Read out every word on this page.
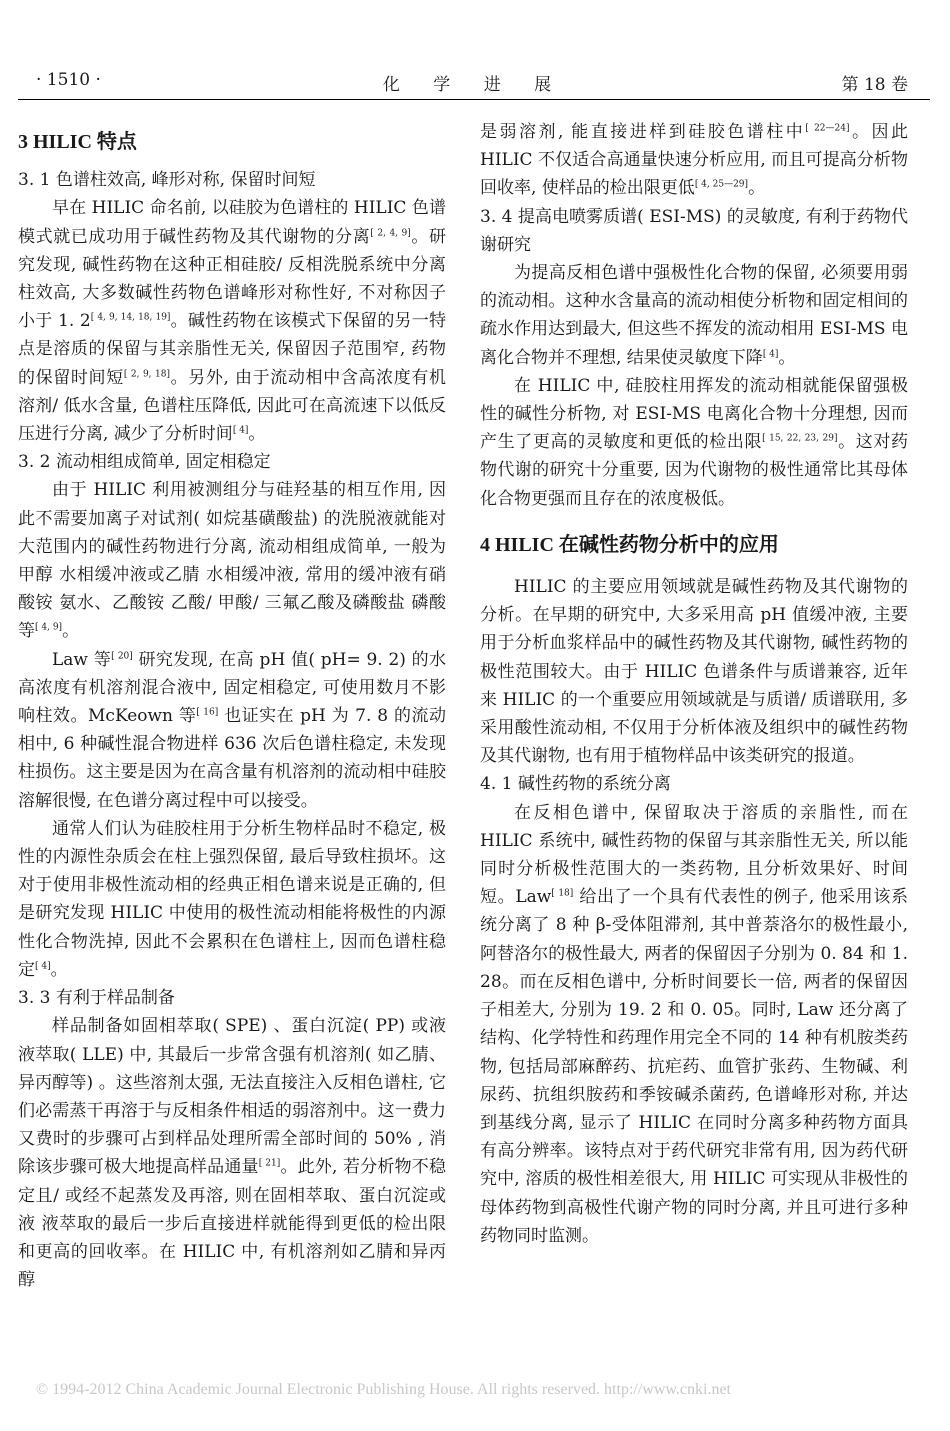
· 1510 ·	化 学 进 展	第 18 卷
3 HILIC 特点

3. 1 色谱柱效高, 峰形对称, 保留时间短

早在 HILIC 命名前, 以硅胶为色谱柱的 HILIC 色谱模式就已成功用于碱性药物及其代谢物的分离[ 2, 4, 9]。研究发现, 碱性药物在这种正相硅胶/ 反相洗脱系统中分离柱效高, 大多数碱性药物色谱峰形对称性好, 不对称因子小于 1. 2[ 4, 9, 14, 18, 19]。碱性药物在该模式下保留的另一特点是溶质的保留与其亲脂性无关, 保留因子范围窄, 药物的保留时间短[ 2, 9, 18]。另外, 由于流动相中含高浓度有机溶剂/ 低水含量, 色谱柱压降低, 因此可在高流速下以低反压进行分离, 减少了分析时间[ 4]。

3. 2 流动相组成简单, 固定相稳定

由于 HILIC 利用被测组分与硅羟基的相互作用, 因此不需要加离子对试剂( 如烷基磺酸盐) 的洗脱液就能对大范围内的碱性药物进行分离, 流动相组成简单, 一般为甲醇 水相缓冲液或乙腈 水相缓冲液, 常用的缓冲液有硝酸铵 氨水、乙酸铵 乙酸/ 甲酸/ 三氟乙酸及磷酸盐 磷酸等[ 4, 9]。

Law 等[ 20] 研究发现, 在高 pH 值( pH= 9. 2) 的水 高浓度有机溶剂混合液中, 固定相稳定, 可使用数月不影响柱效。McKeown 等[ 16] 也证实在 pH 为 7. 8 的流动相中, 6 种碱性混合物进样 636 次后色谱柱稳定, 未发现柱损伤。这主要是因为在高含量有机溶剂的流动相中硅胶溶解很慢, 在色谱分离过程中可以接受。

通常人们认为硅胶柱用于分析生物样品时不稳定, 极性的内源性杂质会在柱上强烈保留, 最后导致柱损坏。这对于使用非极性流动相的经典正相色谱来说是正确的, 但是研究发现 HILIC 中使用的极性流动相能将极性的内源性化合物洗掉, 因此不会累积在色谱柱上, 因而色谱柱稳定[ 4]。

3. 3 有利于样品制备

样品制备如固相萃取( SPE) 、蛋白沉淀( PP) 或液 液萃取( LLE) 中, 其最后一步常含强有机溶剂( 如乙腈、异丙醇等) 。这些溶剂太强, 无法直接注入反相色谱柱, 它们必需蒸干再溶于与反相条件相适的弱溶剂中。这一费力又费时的步骤可占到样品处理所需全部时间的 50% , 消除该步骤可极大地提高样品通量[ 21]。此外, 若分析物不稳定且/ 或经不起蒸发及再溶, 则在固相萃取、蛋白沉淀或液 液萃取的最后一步后直接进样就能得到更低的检出限和更高的回收率。在 HILIC 中, 有机溶剂如乙腈和异丙醇

是弱溶剂, 能直接进样到硅胶色谱柱中[ 22—24]。因此 HILIC 不仅适合高通量快速分析应用, 而且可提高分析物回收率, 使样品的检出限更低[ 4, 25—29]。

3. 4 提高电喷雾质谱( ESI-MS) 的灵敏度, 有利于药物代谢研究

为提高反相色谱中强极性化合物的保留, 必须要用弱的流动相。这种水含量高的流动相使分析物和固定相间的疏水作用达到最大, 但这些不挥发的流动相用 ESI-MS 电离化合物并不理想, 结果使灵敏度下降[ 4]。

在 HILIC 中, 硅胶柱用挥发的流动相就能保留强极性的碱性分析物, 对 ESI-MS 电离化合物十分理想, 因而产生了更高的灵敏度和更低的检出限[ 15, 22, 23, 29]。这对药物代谢的研究十分重要, 因为代谢物的极性通常比其母体化合物更强而且存在的浓度极低。

4 HILIC 在碱性药物分析中的应用

HILIC 的主要应用领域就是碱性药物及其代谢物的分析。在早期的研究中, 大多采用高 pH 值缓冲液, 主要用于分析血浆样品中的碱性药物及其代谢物, 碱性药物的极性范围较大。由于 HILIC 色谱条件与质谱兼容, 近年来 HILIC 的一个重要应用领域就是与质谱/ 质谱联用, 多采用酸性流动相, 不仅用于分析体液及组织中的碱性药物及其代谢物, 也有用于植物样品中该类研究的报道。

4. 1 碱性药物的系统分离

在反相色谱中, 保留取决于溶质的亲脂性, 而在 HILIC 系统中, 碱性药物的保留与其亲脂性无关, 所以能同时分析极性范围大的一类药物, 且分析效果好、时间短。Law[ 18] 给出了一个具有代表性的例子, 他采用该系统分离了 8 种 β-受体阻滞剂, 其中普萘洛尔的极性最小, 阿替洛尔的极性最大, 两者的保留因子分别为 0. 84 和 1. 28。而在反相色谱中, 分析时间要长一倍, 两者的保留因子相差大, 分别为 19. 2 和 0. 05。同时, Law 还分离了结构、化学特性和药理作用完全不同的 14 种有机胺类药物, 包括局部麻醉药、抗疟药、血管扩张药、生物碱、利尿药、抗组织胺药和季铵碱杀菌药, 色谱峰形对称, 并达到基线分离, 显示了 HILIC 在同时分离多种药物方面具有高分辨率。该特点对于药代研究非常有用, 因为药代研究中, 溶质的极性相差很大, 用 HILIC 可实现从非极性的母体药物到高极性代谢产物的同时分离, 并且可进行多种药物同时监测。

© 1994-2012 China Academic Journal Electronic Publishing House. All rights reserved. http://www.cnki.net
